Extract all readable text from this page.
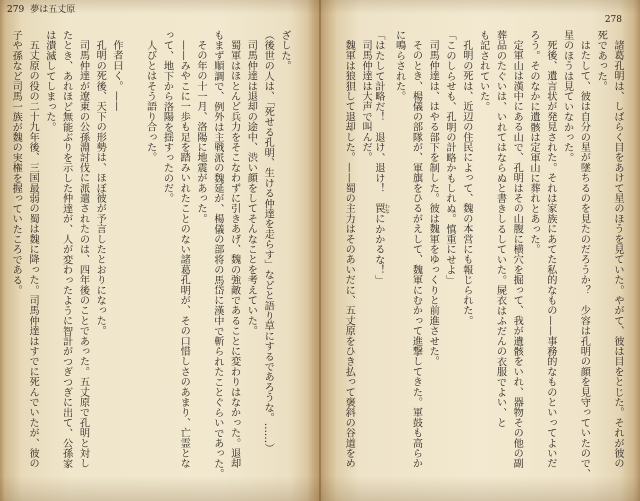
279 夢は五丈原
278
ざした。
（後世の人は、「死せる孔明、生ける仲達を走らす」などと語り草にするであろうな。……）
司馬仲達は退却の途中、渋い顔をしてそんなことを考えていた。
蜀軍はほとんど兵力をそこなわずに引きあげ、魏の強敵であることに変わりはなかった。退却
もまず順調で、例外は主戦派の魏延が、楊儀の部将の馬岱に漢中で斬られたことぐらいであった。
その年の十一月、洛陽に地震があった。
——みやこに一歩も足を踏みいれたことのない諸葛孔明が、その口惜しさのあまり、亡霊とな
って、地下から洛陽を揺すったのだ。
人びとはそう語り合った。
作者曰く。——
孔明の死後、天下の形勢は、ほぼ彼が予言したとおりになった。
司馬仲達が遼東の公孫淵討伐に派遣されたのは、四年後のことであった。五丈原で孔明と対し
たとき、あれほど無能ぶりを示した仲達が、人が変わったように智計がつぎつぎに出て、公孫家
は潰滅してしまった。
五丈原の役の二十九年後、三国最弱の蜀は魏に降った。司馬仲達はすでに死んでいたが、彼の
子や孫など司馬一族が魏の実権を握っていたころである。	諸葛孔明は、しばらく目をあけて星のほうを見ていた。やがて、彼は目をとじた。それが彼の
死であった。
はたして、彼は自分の星が墜ちるのを見たのだろうか？　少容は孔明の顔を見守っていたので、
星のほうは見ていなかった。
死後、遺言状が発見された。それは家族にあてた私的なもの——事務的なものといってよいだ
ろう。そのなかに遺骸は定軍山に葬れとあった。
定軍山は漢中にある山で、孔明はその山腹に横穴を掘って、我が遺骸をいれ、器物その他の副
葬品のたぐいは、いれてはならぬと書きしるしていた。屍衣はふだんの衣服でよい、と
も記されていた。
孔明の死は、近辺の住民によって、魏の本営にも報じられた。
「このしらせも、孔明の計略かもしれぬ。慎重にせよ」
司馬仲達は、はやる部下を制した。彼は魏軍をゆっくりと前進させた。
そのとき、楊儀の部隊が、軍旗をひるがえして、魏軍にむかって進撃してきた。軍鼓も高らか
に鳴らされた。
「はたして計略だ！　退け、退け！　罠 わなにかかるな！」
司馬仲達は大声で叫んだ。
魏軍は狼狽して退却した。——蜀の主力はそのあいだに、五丈原をひき払って褒斜の谷道をめ
